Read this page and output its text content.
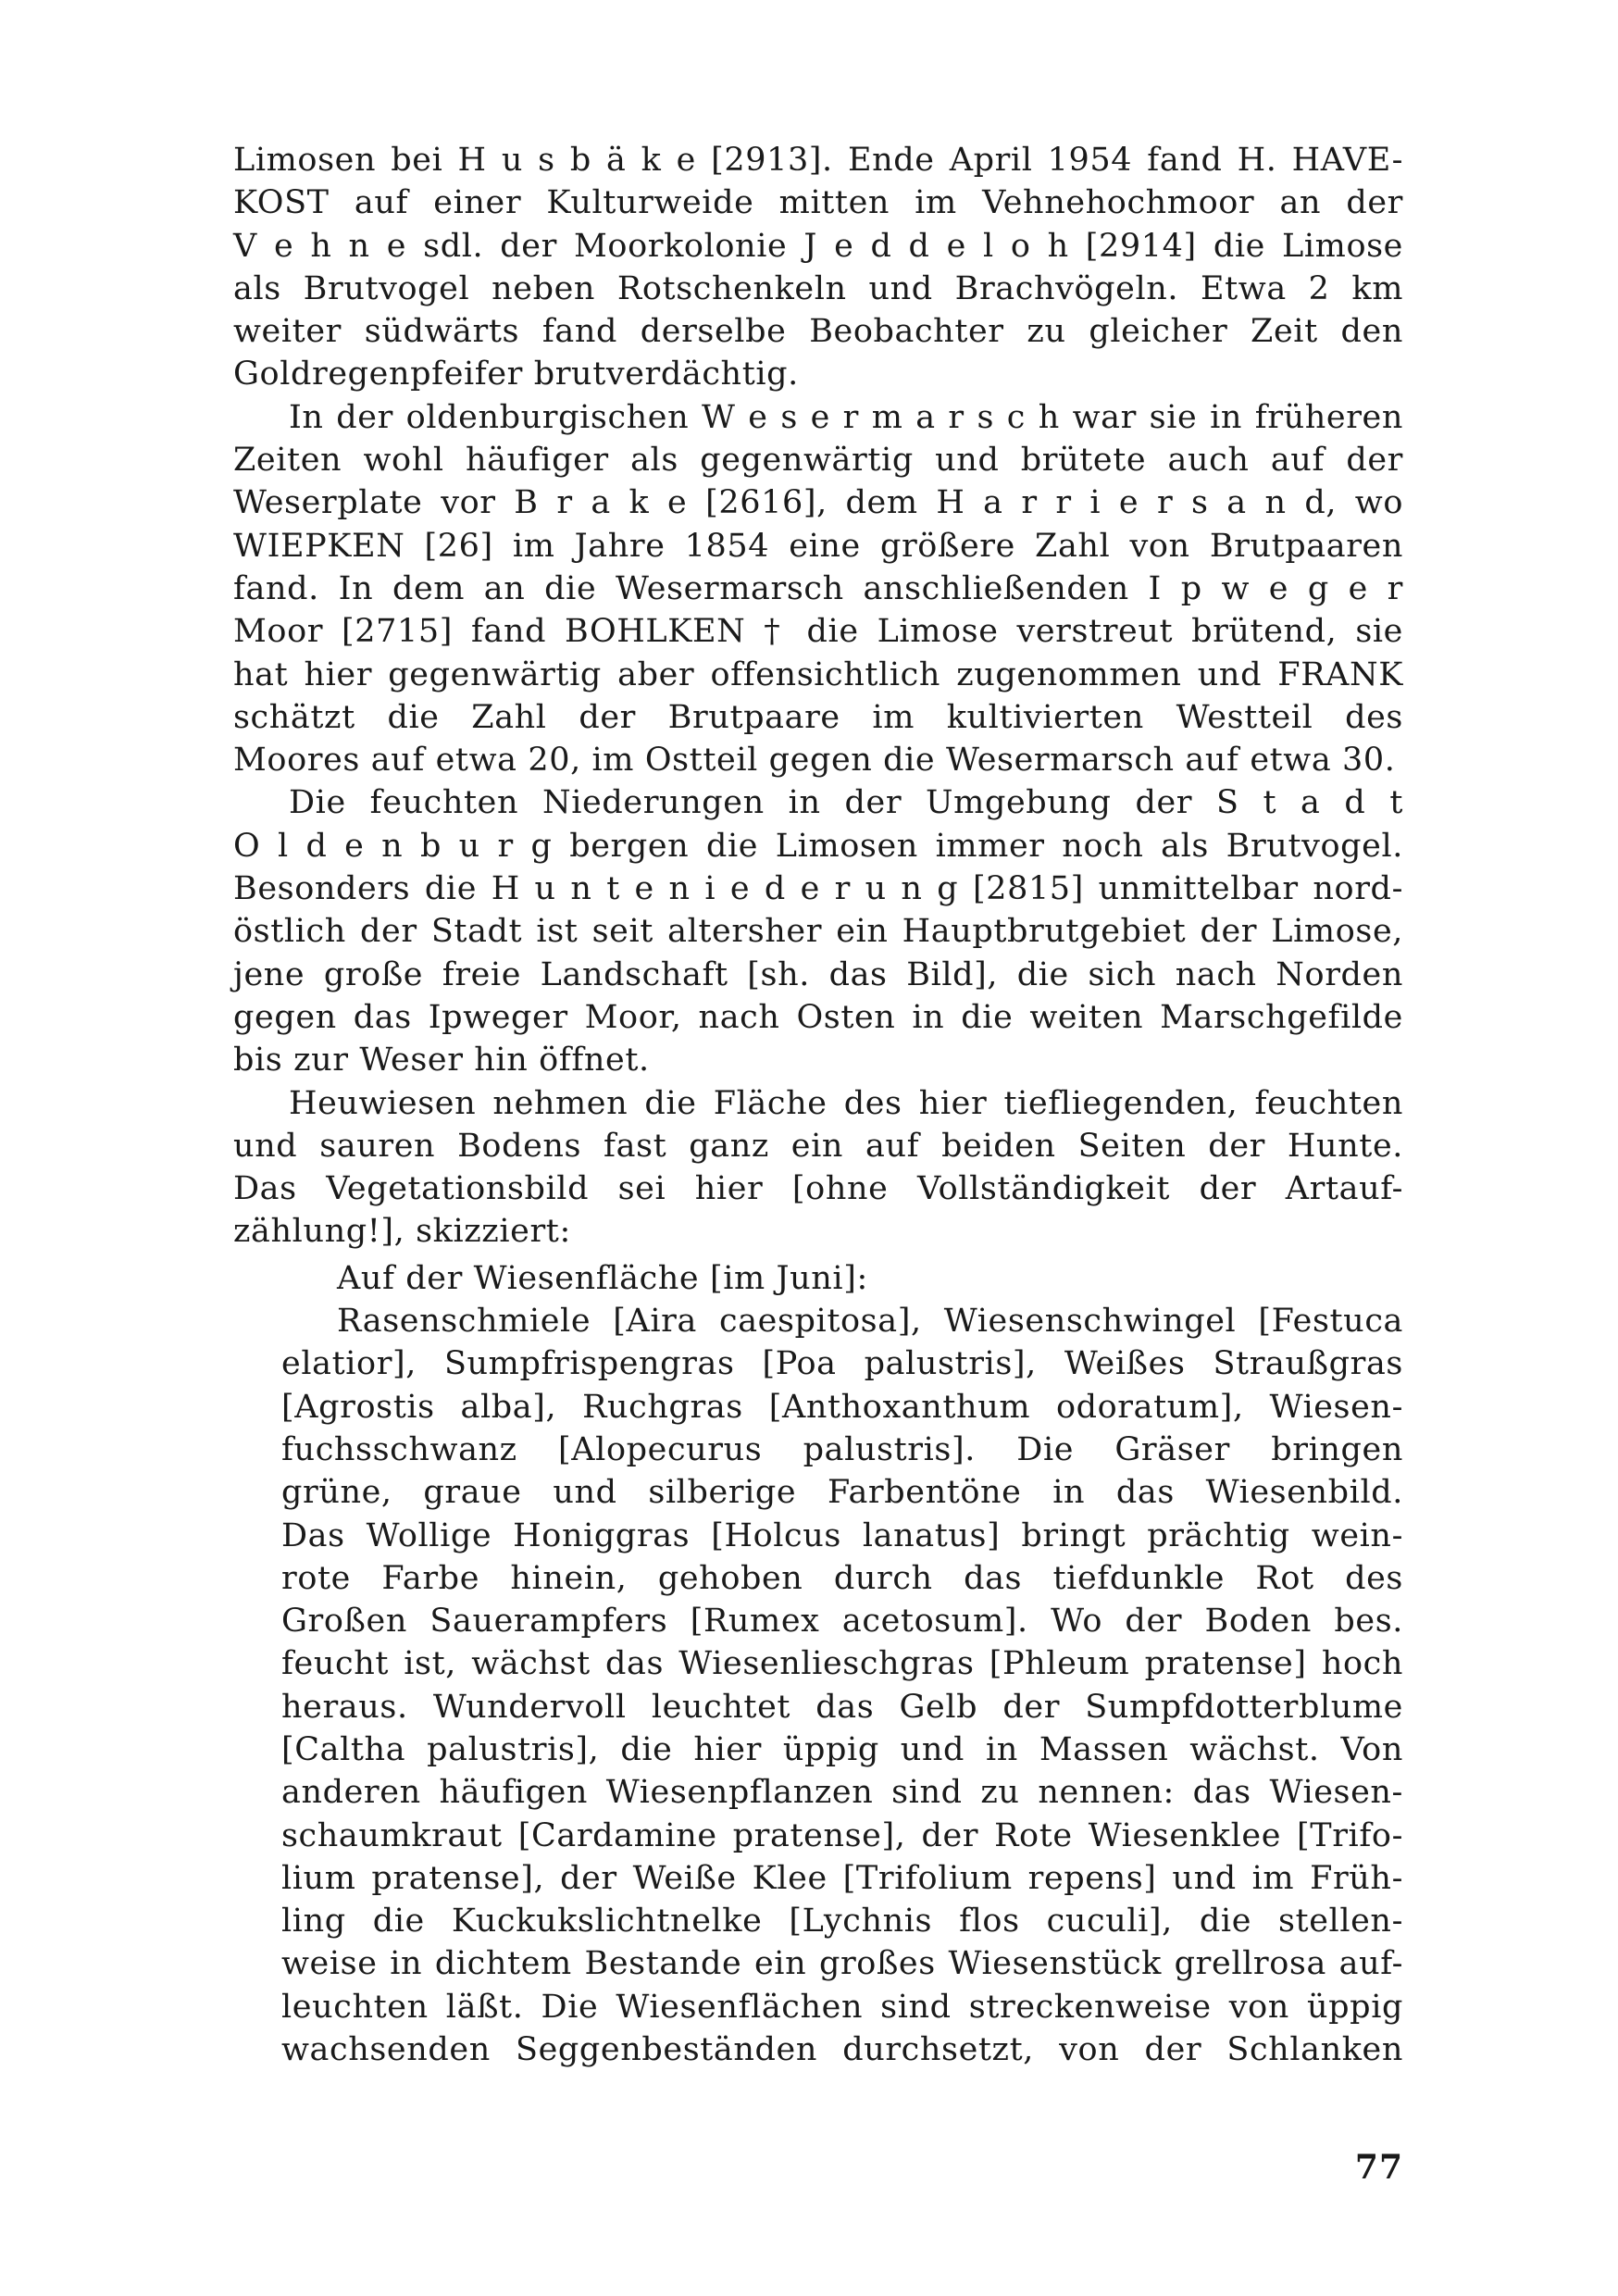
Limosen bei H u s b ä k e [2913]. Ende April 1954 fand H. HAVE-
KOST auf einer Kulturweide mitten im Vehnehochmoor an der
V e h n e sdl. der Moorkolonie J e d d e l o h [2914] die Limose
als Brutvogel neben Rotschenkeln und Brachvögeln. Etwa 2 km
weiter südwärts fand derselbe Beobachter zu gleicher Zeit den
Goldregenpfeifer brutverdächtig.
In der oldenburgischen W e s e r m a r s c h war sie in früheren
Zeiten wohl häufiger als gegenwärtig und brütete auch auf der
Weserplate vor B r a k e [2616], dem H a r r i e r s a n d, wo
WIEPKEN [26] im Jahre 1854 eine größere Zahl von Brutpaaren
fand. In dem an die Wesermarsch anschließenden I p w e g e r
Moor [2715] fand BOHLKEN † die Limose verstreut brütend, sie
hat hier gegenwärtig aber offensichtlich zugenommen und FRANK
schätzt die Zahl der Brutpaare im kultivierten Westteil des
Moores auf etwa 20, im Ostteil gegen die Wesermarsch auf etwa 30.
Die feuchten Niederungen in der Umgebung der S t a d t
O l d e n b u r g bergen die Limosen immer noch als Brutvogel.
Besonders die H u n t e n i e d e r u n g [2815] unmittelbar nord-
östlich der Stadt ist seit altersher ein Hauptbrutgebiet der Limose,
jene große freie Landschaft [sh. das Bild], die sich nach Norden
gegen das Ipweger Moor, nach Osten in die weiten Marschgefilde
bis zur Weser hin öffnet.
Heuwiesen nehmen die Fläche des hier tiefliegenden, feuchten
und sauren Bodens fast ganz ein auf beiden Seiten der Hunte.
Das Vegetationsbild sei hier [ohne Vollständigkeit der Artauf-
zählung!], skizziert:
Auf der Wiesenfläche [im Juni]:
Rasenschmiele [Aira caespitosa], Wiesenschwingel [Festuca
elatior], Sumpfrispengras [Poa palustris], Weißes Straußgras
[Agrostis alba], Ruchgras [Anthoxanthum odoratum], Wiesen-
fuchsschwanz [Alopecurus palustris]. Die Gräser bringen
grüne, graue und silberige Farbentöne in das Wiesenbild.
Das Wollige Honiggras [Holcus lanatus] bringt prächtig wein-
rote Farbe hinein, gehoben durch das tiefdunkle Rot des
Großen Sauerampfers [Rumex acetosum]. Wo der Boden bes.
feucht ist, wächst das Wiesenlieschgras [Phleum pratense] hoch
heraus. Wundervoll leuchtet das Gelb der Sumpfdotterblume
[Caltha palustris], die hier üppig und in Massen wächst. Von
anderen häufigen Wiesenpflanzen sind zu nennen: das Wiesen-
schaumkraut [Cardamine pratense], der Rote Wiesenklee [Trifo-
lium pratense], der Weiße Klee [Trifolium repens] und im Früh-
ling die Kuckukslichtnelke [Lychnis flos cuculi], die stellen-
weise in dichtem Bestande ein großes Wiesenstück grellrosa auf-
leuchten läßt. Die Wiesenflächen sind streckenweise von üppig
wachsenden Seggenbeständen durchsetzt, von der Schlanken
77
